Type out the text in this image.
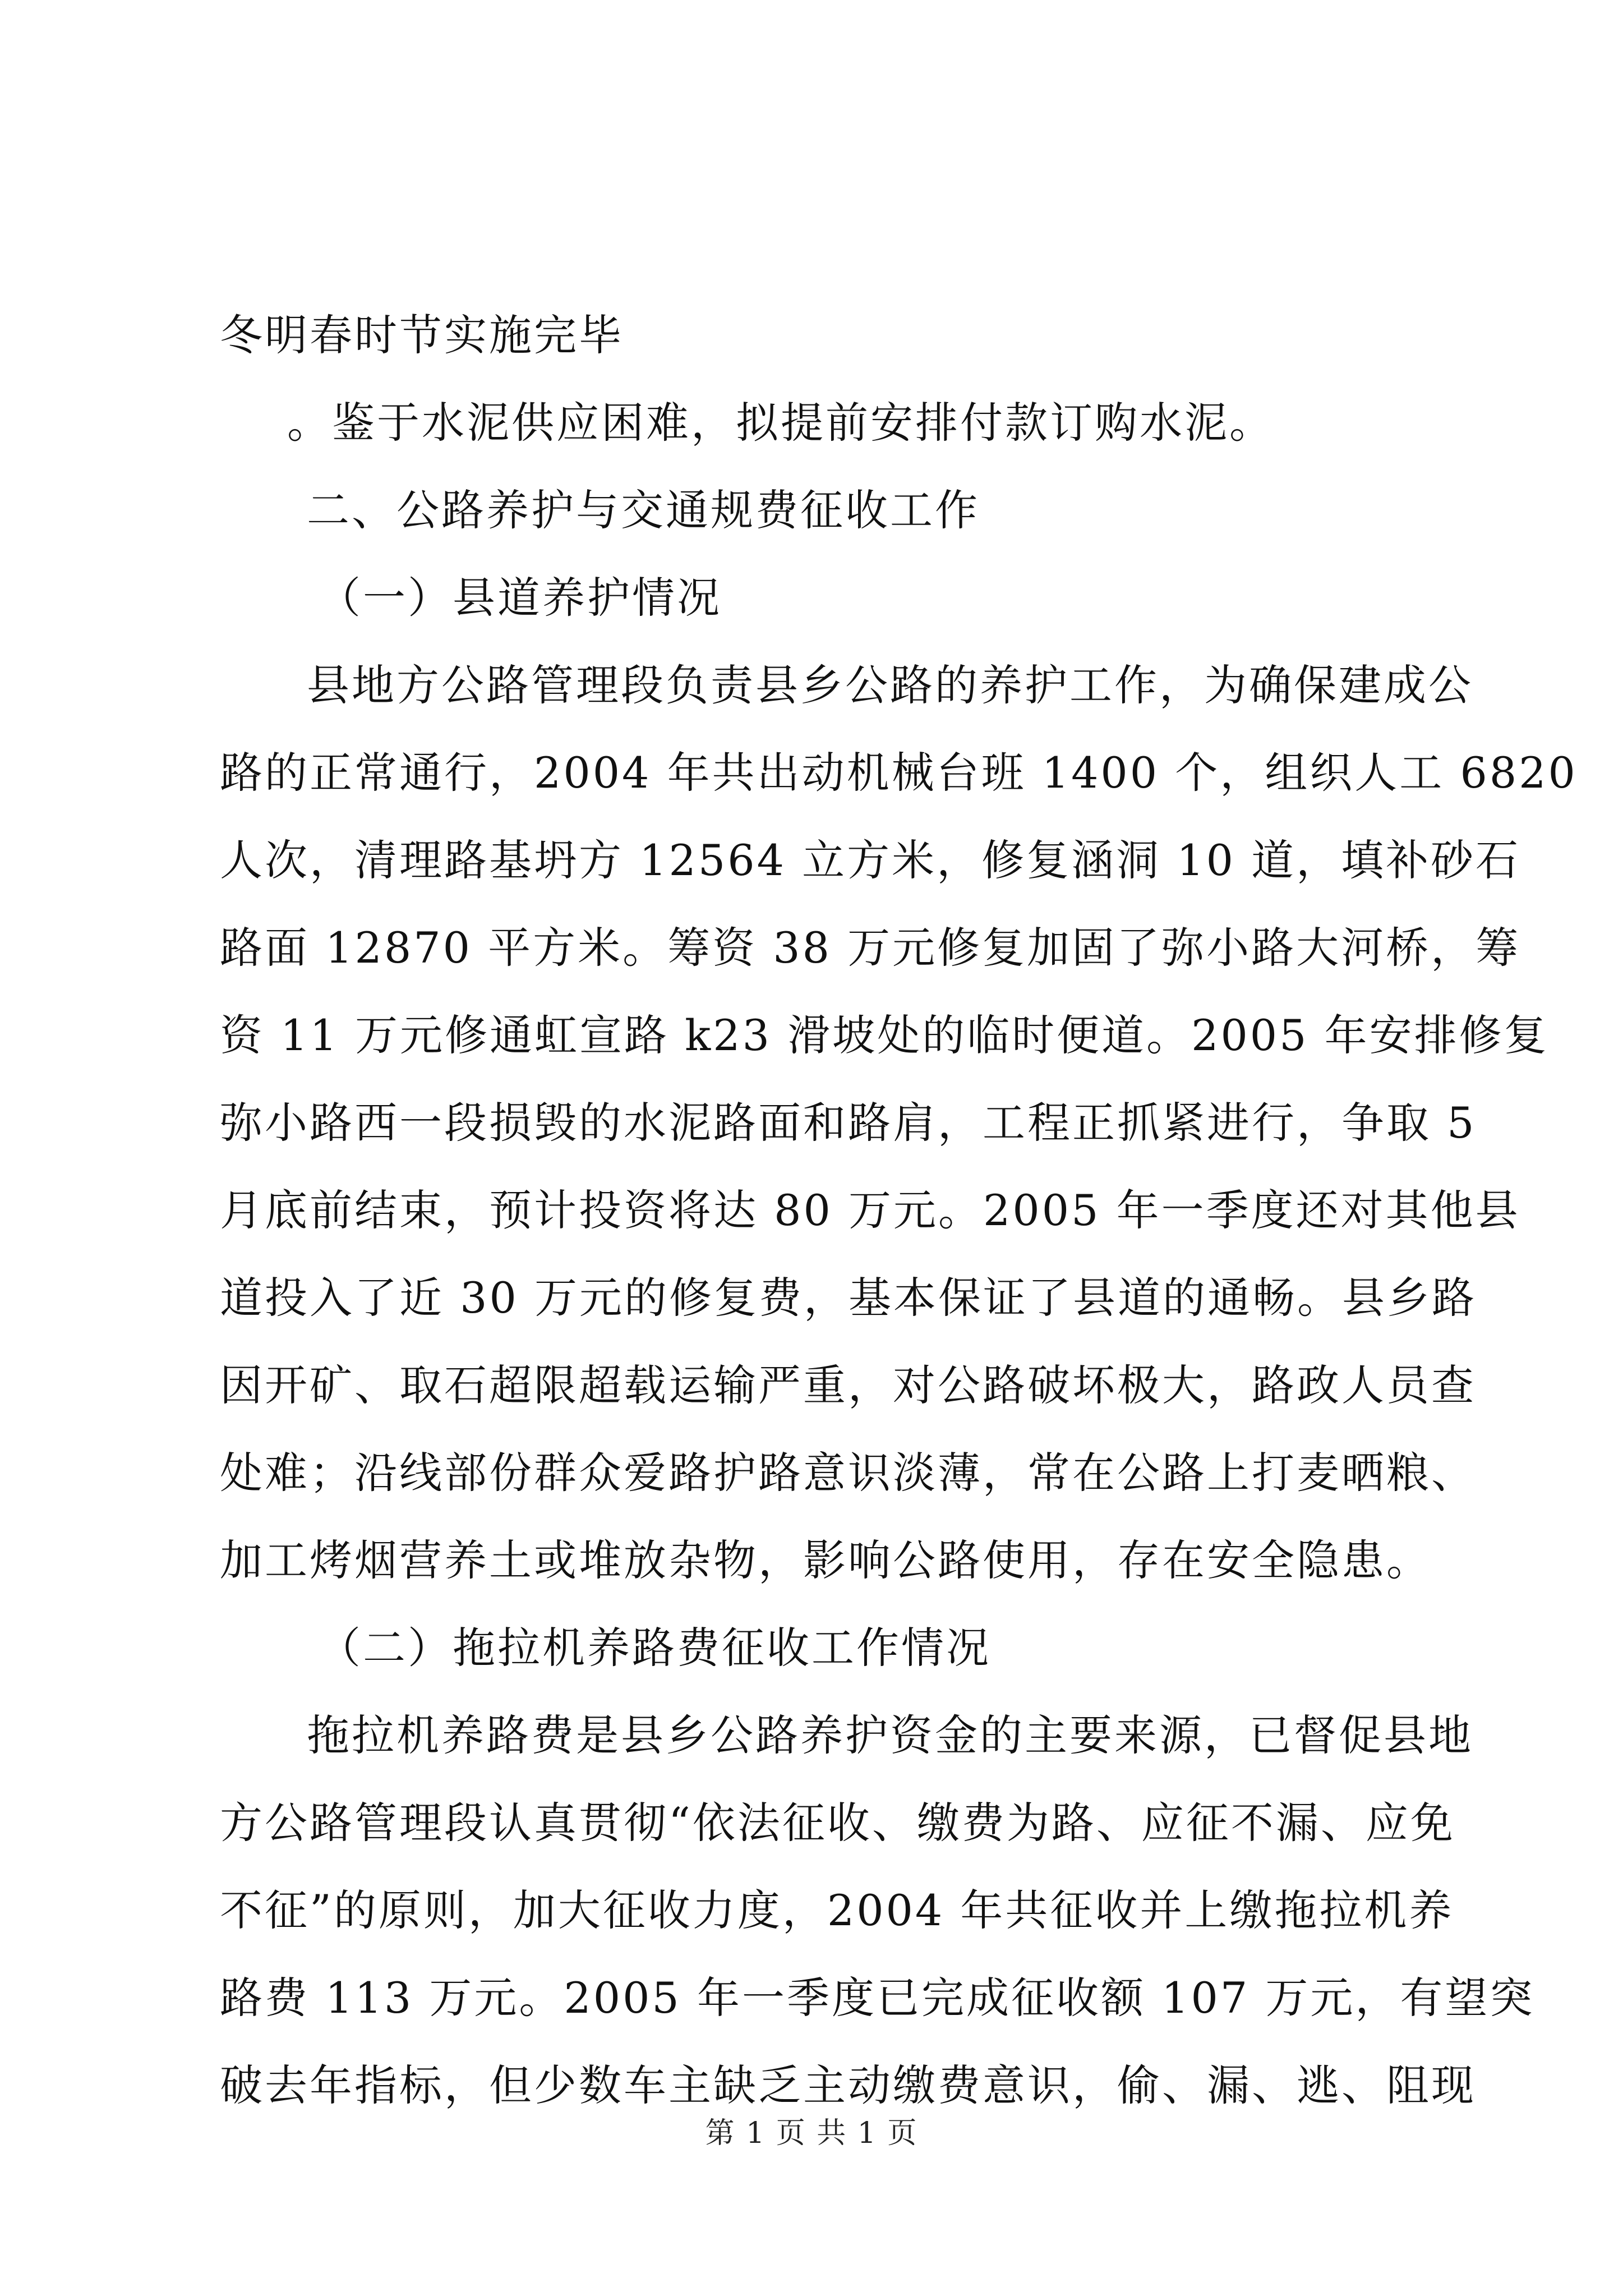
冬明春时节实施完毕
。鉴于水泥供应困难，拟提前安排付款订购水泥。
二、公路养护与交通规费征收工作
（一）县道养护情况
县地方公路管理段负责县乡公路的养护工作，为确保建成公
路的正常通行，2004 年共出动机械台班 1400 个，组织人工 6820
人次，清理路基坍方 12564 立方米，修复涵洞 10 道，填补砂石
路面 12870 平方米。筹资 38 万元修复加固了弥小路大河桥，筹
资 11 万元修通虹宣路 k23 滑坡处的临时便道。2005 年安排修复
弥小路西一段损毁的水泥路面和路肩，工程正抓紧进行，争取 5
月底前结束，预计投资将达 80 万元。2005 年一季度还对其他县
道投入了近 30 万元的修复费，基本保证了县道的通畅。县乡路
因开矿、取石超限超载运输严重，对公路破坏极大，路政人员查
处难；沿线部份群众爱路护路意识淡薄，常在公路上打麦晒粮、
加工烤烟营养土或堆放杂物，影响公路使用，存在安全隐患。
（二）拖拉机养路费征收工作情况
拖拉机养路费是县乡公路养护资金的主要来源，已督促县地
方公路管理段认真贯彻“依法征收、缴费为路、应征不漏、应免
不征”的原则，加大征收力度，2004 年共征收并上缴拖拉机养
路费 113 万元。2005 年一季度已完成征收额 107 万元，有望突
破去年指标，但少数车主缺乏主动缴费意识，偷、漏、逃、阻现
第 1 页 共 1 页
